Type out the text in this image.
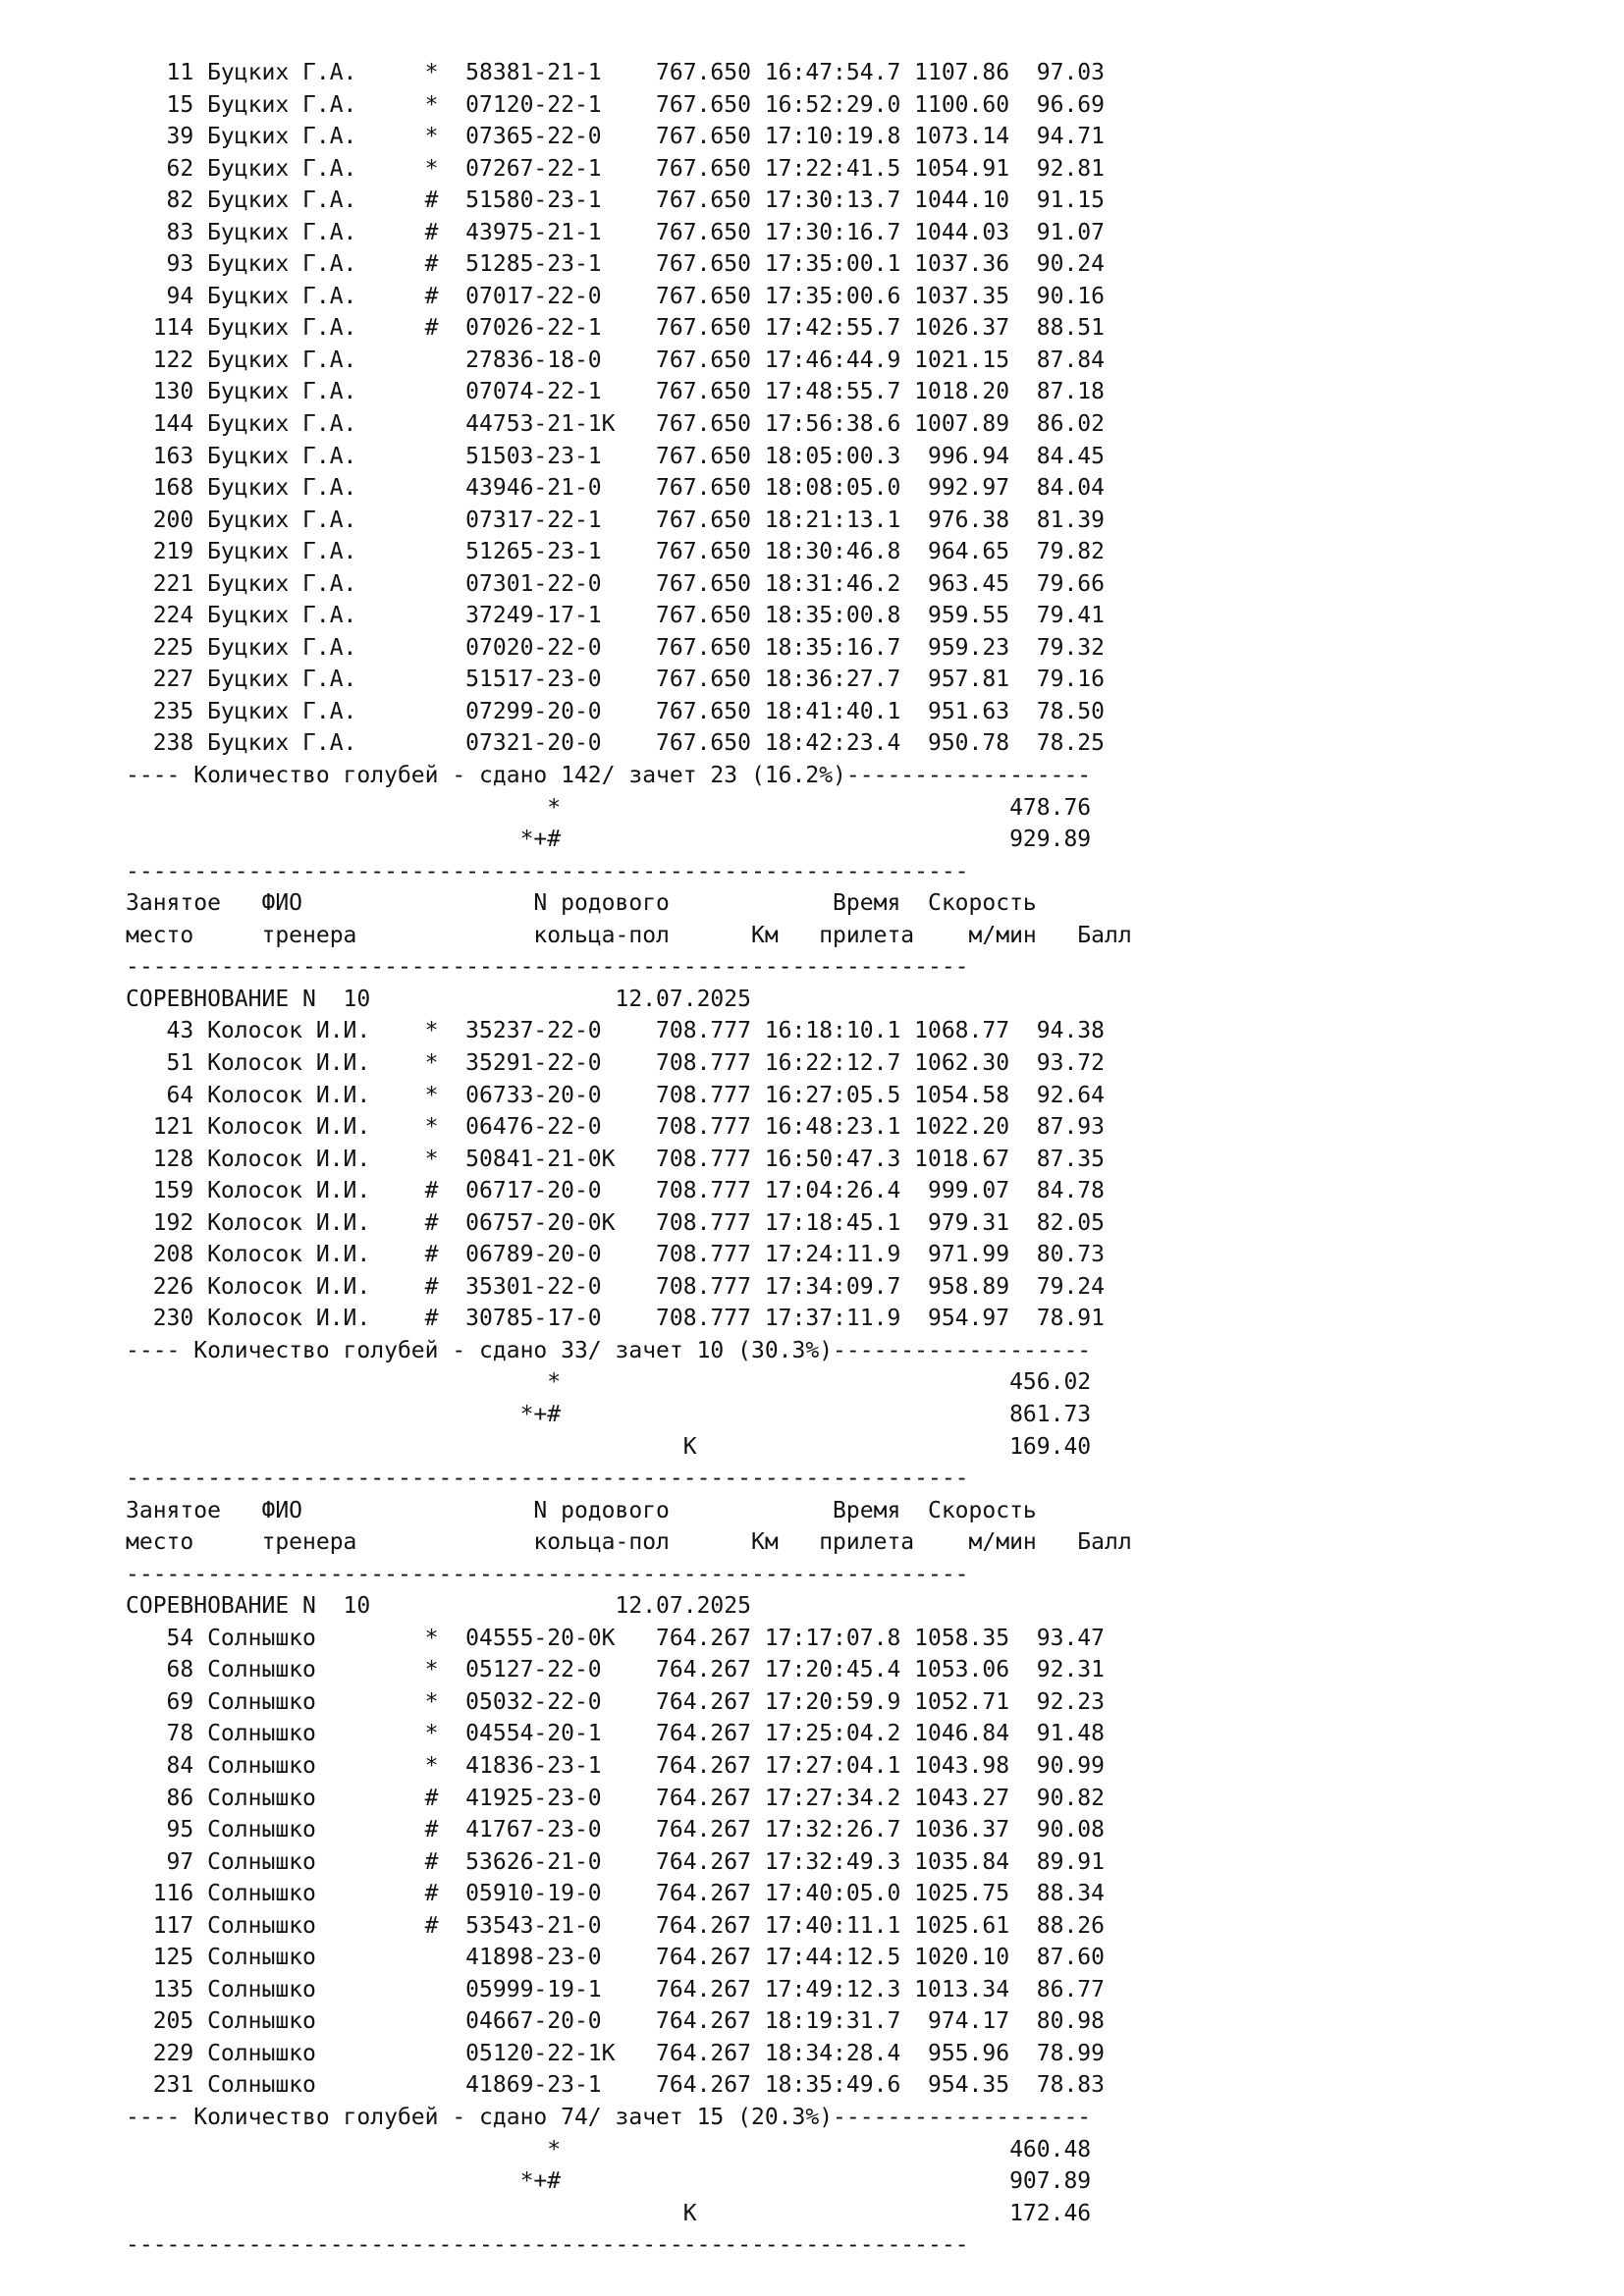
11 Буцких Г.А.     *  58381-21-1    767.650 16:47:54.7 1107.86  97.03
15 Буцких Г.А.     *  07120-22-1    767.650 16:52:29.0 1100.60  96.69
39 Буцких Г.А.     *  07365-22-0    767.650 17:10:19.8 1073.14  94.71
62 Буцких Г.А.     *  07267-22-1    767.650 17:22:41.5 1054.91  92.81
82 Буцких Г.А.     #  51580-23-1    767.650 17:30:13.7 1044.10  91.15
83 Буцких Г.А.     #  43975-21-1    767.650 17:30:16.7 1044.03  91.07
93 Буцких Г.А.     #  51285-23-1    767.650 17:35:00.1 1037.36  90.24
94 Буцких Г.А.     #  07017-22-0    767.650 17:35:00.6 1037.35  90.16
114 Буцких Г.А.     #  07026-22-1    767.650 17:42:55.7 1026.37  88.51
122 Буцких Г.А.        27836-18-0    767.650 17:46:44.9 1021.15  87.84
130 Буцких Г.А.        07074-22-1    767.650 17:48:55.7 1018.20  87.18
144 Буцких Г.А.        44753-21-1К   767.650 17:56:38.6 1007.89  86.02
163 Буцких Г.А.        51503-23-1    767.650 18:05:00.3  996.94  84.45
168 Буцких Г.А.        43946-21-0    767.650 18:08:05.0  992.97  84.04
200 Буцких Г.А.        07317-22-1    767.650 18:21:13.1  976.38  81.39
219 Буцких Г.А.        51265-23-1    767.650 18:30:46.8  964.65  79.82
221 Буцких Г.А.        07301-22-0    767.650 18:31:46.2  963.45  79.66
224 Буцких Г.А.        37249-17-1    767.650 18:35:00.8  959.55  79.41
225 Буцких Г.А.        07020-22-0    767.650 18:35:16.7  959.23  79.32
227 Буцких Г.А.        51517-23-0    767.650 18:36:27.7  957.81  79.16
235 Буцких Г.А.        07299-20-0    767.650 18:41:40.1  951.63  78.50
238 Буцких Г.А.        07321-20-0    767.650 18:42:23.4  950.78  78.25
---- Количество голубей - сдано 142/ зачет 23 (16.2%)------------------
*                                 478.76
*+#                                 929.89
--------------------------------------------------------------
Занятое   ФИО                 N родового            Время  Скорость
место     тренера             кольца-пол      Км   прилета    м/мин   Балл
--------------------------------------------------------------
СОРЕВНОВАНИЕ N  10                  12.07.2025
43 Колосок И.И.    *  35237-22-0    708.777 16:18:10.1 1068.77  94.38
51 Колосок И.И.    *  35291-22-0    708.777 16:22:12.7 1062.30  93.72
64 Колосок И.И.    *  06733-20-0    708.777 16:27:05.5 1054.58  92.64
121 Колосок И.И.    *  06476-22-0    708.777 16:48:23.1 1022.20  87.93
128 Колосок И.И.    *  50841-21-0К   708.777 16:50:47.3 1018.67  87.35
159 Колосок И.И.    #  06717-20-0    708.777 17:04:26.4  999.07  84.78
192 Колосок И.И.    #  06757-20-0К   708.777 17:18:45.1  979.31  82.05
208 Колосок И.И.    #  06789-20-0    708.777 17:24:11.9  971.99  80.73
226 Колосок И.И.    #  35301-22-0    708.777 17:34:09.7  958.89  79.24
230 Колосок И.И.    #  30785-17-0    708.777 17:37:11.9  954.97  78.91
---- Количество голубей - сдано 33/ зачет 10 (30.3%)-------------------
*                                 456.02
*+#                                 861.73
К                       169.40
--------------------------------------------------------------
Занятое   ФИО                 N родового            Время  Скорость
место     тренера             кольца-пол      Км   прилета    м/мин   Балл
--------------------------------------------------------------
СОРЕВНОВАНИЕ N  10                  12.07.2025
54 Солнышко        *  04555-20-0К   764.267 17:17:07.8 1058.35  93.47
68 Солнышко        *  05127-22-0    764.267 17:20:45.4 1053.06  92.31
69 Солнышко        *  05032-22-0    764.267 17:20:59.9 1052.71  92.23
78 Солнышко        *  04554-20-1    764.267 17:25:04.2 1046.84  91.48
84 Солнышко        *  41836-23-1    764.267 17:27:04.1 1043.98  90.99
86 Солнышко        #  41925-23-0    764.267 17:27:34.2 1043.27  90.82
95 Солнышко        #  41767-23-0    764.267 17:32:26.7 1036.37  90.08
97 Солнышко        #  53626-21-0    764.267 17:32:49.3 1035.84  89.91
116 Солнышко        #  05910-19-0    764.267 17:40:05.0 1025.75  88.34
117 Солнышко        #  53543-21-0    764.267 17:40:11.1 1025.61  88.26
125 Солнышко           41898-23-0    764.267 17:44:12.5 1020.10  87.60
135 Солнышко           05999-19-1    764.267 17:49:12.3 1013.34  86.77
205 Солнышко           04667-20-0    764.267 18:19:31.7  974.17  80.98
229 Солнышко           05120-22-1К   764.267 18:34:28.4  955.96  78.99
231 Солнышко           41869-23-1    764.267 18:35:49.6  954.35  78.83
---- Количество голубей - сдано 74/ зачет 15 (20.3%)-------------------
*                                 460.48
*+#                                 907.89
К                       172.46
--------------------------------------------------------------
